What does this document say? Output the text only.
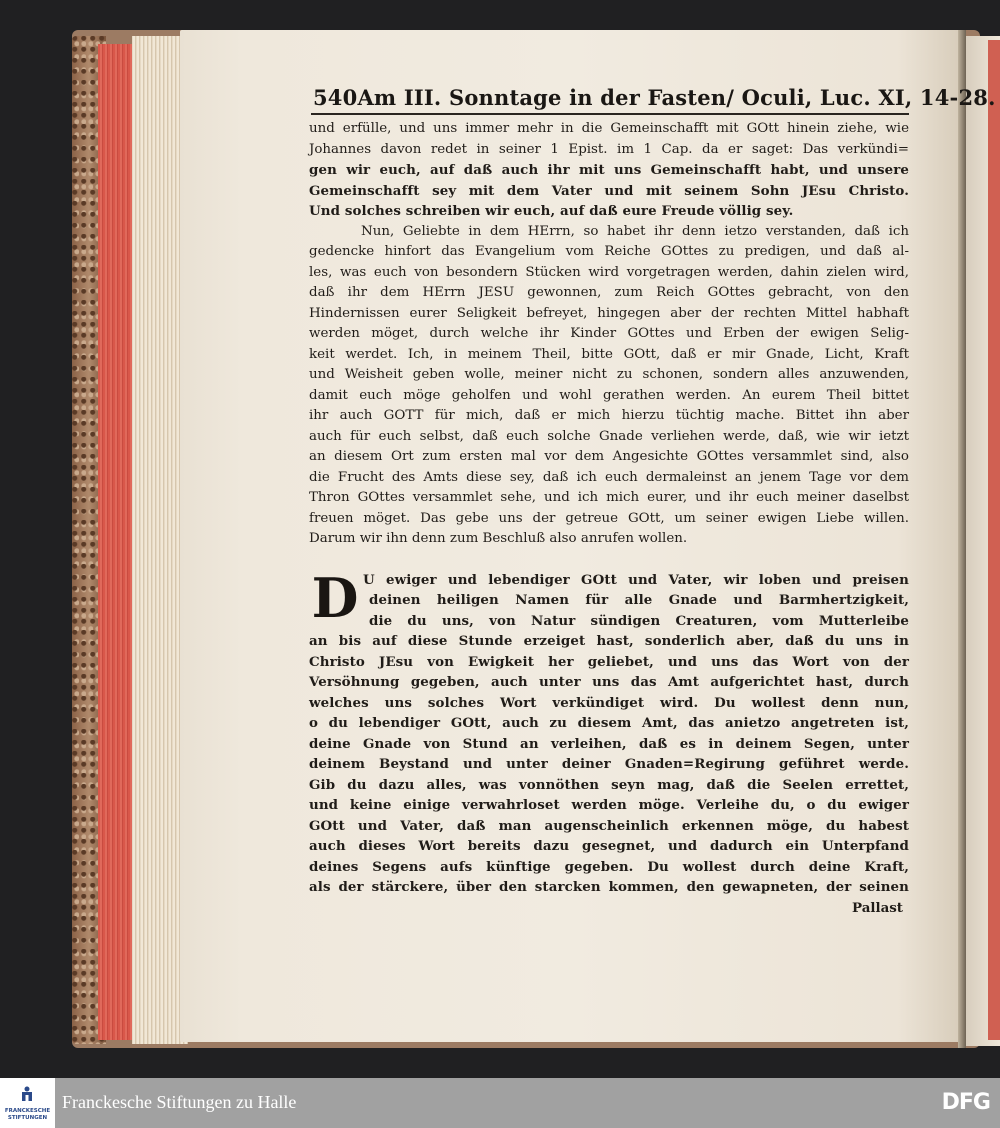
540 Am III. Sonntage in der Fasten/ Oculi, Luc. XI, 14-28.
und erfülle, und uns immer mehr in die Gemeinschafft mit GOtt hinein ziehe, wie
Johannes davon redet in seiner 1 Epist. im 1 Cap. da er saget: Das verkündi=
gen wir euch, auf daß auch ihr mit uns Gemeinschafft habt, und unsere
Gemeinschafft sey mit dem Vater und mit seinem Sohn JEsu Christo.
Und solches schreiben wir euch, auf daß eure Freude völlig sey.
Nun, Geliebte in dem HErrn, so habet ihr denn ietzo verstanden, daß ich
gedencke hinfort das Evangelium vom Reiche GOttes zu predigen, und daß al-
les, was euch von besondern Stücken wird vorgetragen werden, dahin zielen wird,
daß ihr dem HErrn JESU gewonnen, zum Reich GOttes gebracht, von den
Hindernissen eurer Seligkeit befreyet, hingegen aber der rechten Mittel habhaft
werden möget, durch welche ihr Kinder GOttes und Erben der ewigen Selig-
keit werdet. Ich, in meinem Theil, bitte GOtt, daß er mir Gnade, Licht, Kraft
und Weisheit geben wolle, meiner nicht zu schonen, sondern alles anzuwenden,
damit euch möge geholfen und wohl gerathen werden. An eurem Theil bittet
ihr auch GOTT für mich, daß er mich hierzu tüchtig mache. Bittet ihn aber
auch für euch selbst, daß euch solche Gnade verliehen werde, daß, wie wir ietzt
an diesem Ort zum ersten mal vor dem Angesichte GOttes versammlet sind, also
die Frucht des Amts diese sey, daß ich euch dermaleinst an jenem Tage vor dem
Thron GOttes versammlet sehe, und ich mich eurer, und ihr euch meiner daselbst
freuen möget. Das gebe uns der getreue GOtt, um seiner ewigen Liebe willen.
Darum wir ihn denn zum Beschluß also anrufen wollen.
D U ewiger und lebendiger GOtt und Vater, wir loben und preisen
deinen heiligen Namen für alle Gnade und Barmhertzigkeit,
die du uns, von Natur sündigen Creaturen, vom Mutterleibe
an bis auf diese Stunde erzeiget hast, sonderlich aber, daß du uns in
Christo JEsu von Ewigkeit her geliebet, und uns das Wort von der
Versöhnung gegeben, auch unter uns das Amt aufgerichtet hast, durch
welches uns solches Wort verkündiget wird. Du wollest denn nun,
o du lebendiger GOtt, auch zu diesem Amt, das anietzo angetreten ist,
deine Gnade von Stund an verleihen, daß es in deinem Segen, unter
deinem Beystand und unter deiner Gnaden=Regirung geführet werde.
Gib du dazu alles, was vonnöthen seyn mag, daß die Seelen errettet,
und keine einige verwahrloset werden möge. Verleihe du, o du ewiger
GOtt und Vater, daß man augenscheinlich erkennen möge, du habest
auch dieses Wort bereits dazu gesegnet, und dadurch ein Unterpfand
deines Segens aufs künftige gegeben. Du wollest durch deine Kraft,
als der stärckere, über den starcken kommen, den gewapneten, der seinen
Pallast
FRANCKESCHE STIFTUNGEN
Franckesche Stiftungen zu Halle	DFG
